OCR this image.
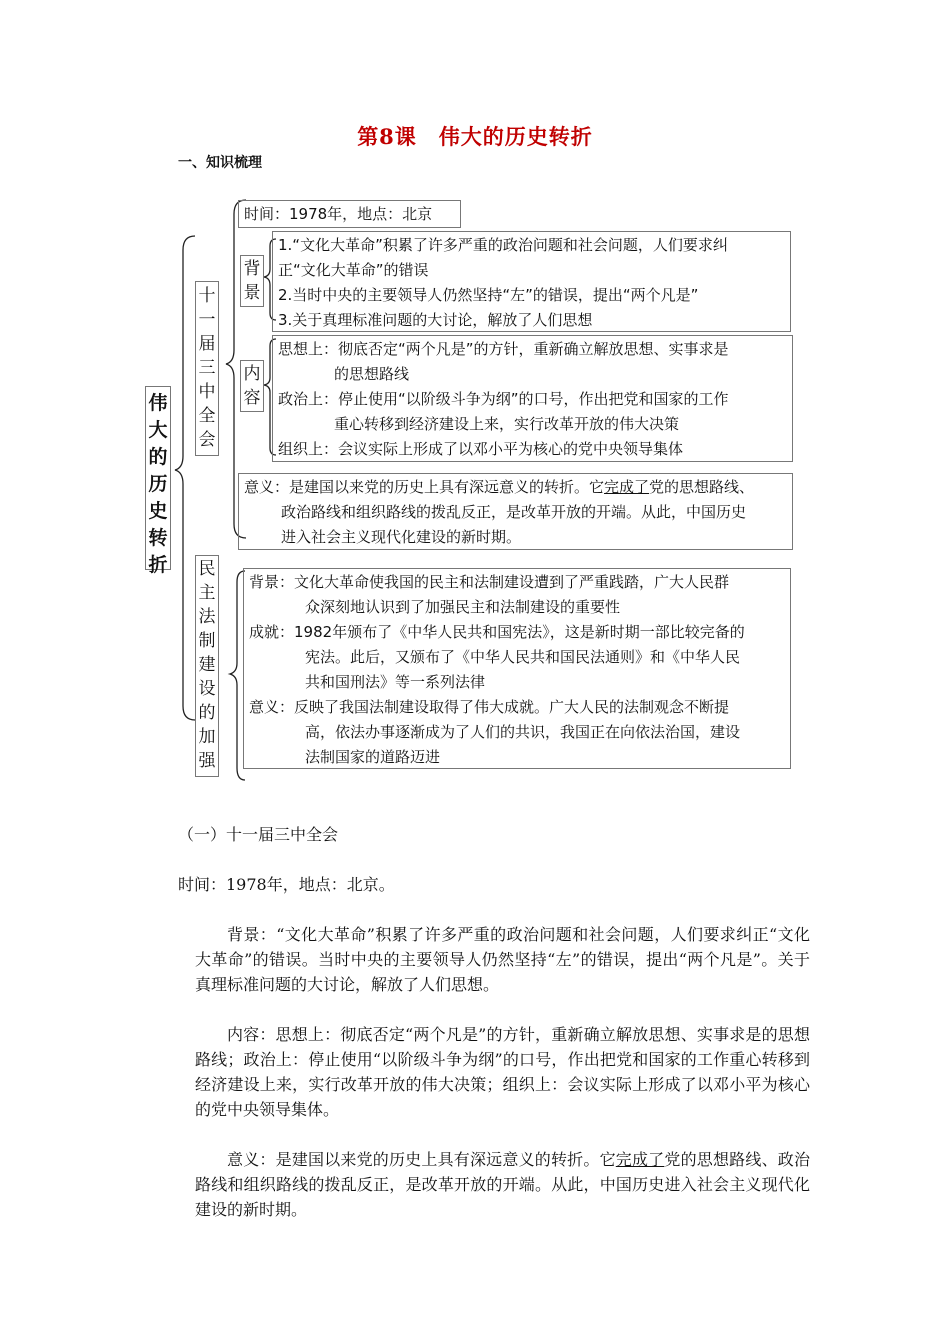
第8课　伟大的历史转折
一、知识梳理
伟
大
的
历
史
转
折
十
一
届
三
中
全
会
时间：1978年，地点：北京
背
景
1.“文化大革命”积累了许多严重的政治问题和社会问题，人们要求纠
正“文化大革命”的错误
2.当时中央的主要领导人仍然坚持“左”的错误，提出“两个凡是”
3.关于真理标准问题的大讨论，解放了人们思想
内
容
思想上： 彻底否定“两个凡是”的方针，重新确立解放思想、实事求是
的思想路线
政治上： 停止使用“以阶级斗争为纲”的口号，作出把党和国家的工作
重心转移到经济建设上来，实行改革开放的伟大决策
组织上： 会议实际上形成了以邓小平为核心的党中央领导集体
意义：是建国以来党的历史上具有深远意义的转折。它完成了党的思想路线、
政治路线和组织路线的拨乱反正，是改革开放的开端。从此，中国历史
进入社会主义现代化建设的新时期。
民
主
法
制
建
设
的
加
强
背景： 文化大革命使我国的民主和法制建设遭到了严重践踏，广大人民群
众深刻地认识到了加强民主和法制建设的重要性
成就： 1982年颁布了《中华人民共和国宪法》，这是新时期一部比较完备的
宪法。此后，又颁布了《中华人民共和国民法通则》和《中华人民
共和国刑法》等一系列法律
意义： 反映了我国法制建设取得了伟大成就。广大人民的法制观念不断提
高，依法办事逐渐成为了人们的共识，我国正在向依法治国，建设
法制国家的道路迈进
（一）十一届三中全会
时间：1978年，地点：北京。
背景：“文化大革命”积累了许多严重的政治问题和社会问题，人们要求纠正“文化大革命”的错误。当时中央的主要领导人仍然坚持“左”的错误，提出“两个凡是”。关于真理标准问题的大讨论，解放了人们思想。
内容：思想上：彻底否定“两个凡是”的方针，重新确立解放思想、实事求是的思想路线；政治上：停止使用“以阶级斗争为纲”的口号，作出把党和国家的工作重心转移到经济建设上来，实行改革开放的伟大决策；组织上：会议实际上形成了以邓小平为核心的党中央领导集体。
意义：是建国以来党的历史上具有深远意义的转折。它完成了党的思想路线、政治路线和组织路线的拨乱反正，是改革开放的开端。从此，中国历史进入社会主义现代化建设的新时期。
